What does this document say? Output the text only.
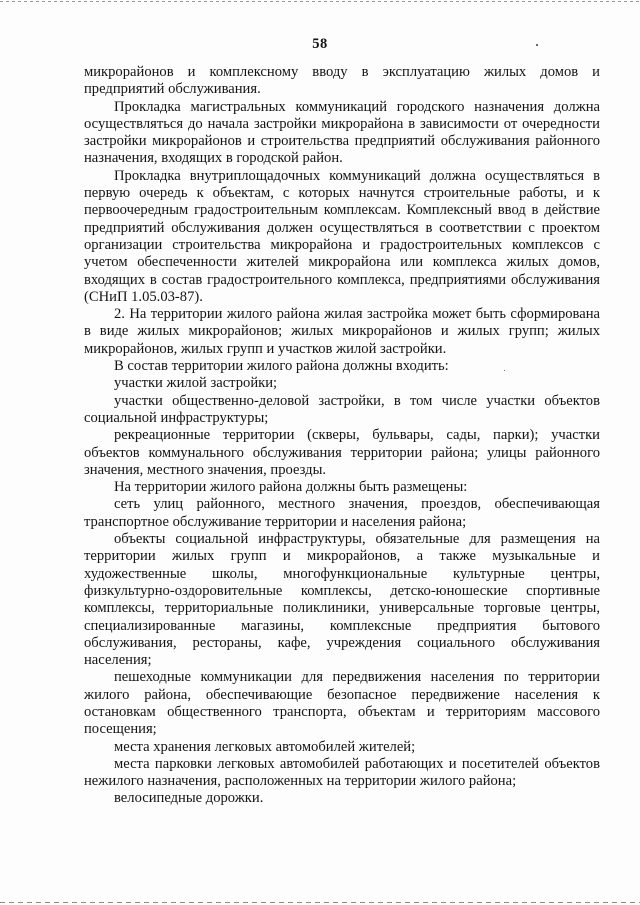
58

микрорайонов и комплексному вводу в эксплуатацию жилых домов и предприятий обслуживания.

Прокладка магистральных коммуникаций городского назначения должна осуществляться до начала застройки микрорайона в зависимости от очередности застройки микрорайонов и строительства предприятий обслуживания районного назначения, входящих в городской район.

Прокладка внутриплощадочных коммуникаций должна осуществляться в первую очередь к объектам, с которых начнутся строительные работы, и к первоочередным градостроительным комплексам. Комплексный ввод в действие предприятий обслуживания должен осуществляться в соответствии с проектом организации строительства микрорайона и градостроительных комплексов с учетом обеспеченности жителей микрорайона или комплекса жилых домов, входящих в состав градостроительного комплекса, предприятиями обслуживания (СНиП 1.05.03-87).

2. На территории жилого района жилая застройка может быть сформирована в виде жилых микрорайонов; жилых микрорайонов и жилых групп; жилых микрорайонов, жилых групп и участков жилой застройки.

В состав территории жилого района должны входить:

участки жилой застройки;

участки общественно-деловой застройки, в том числе участки объектов социальной инфраструктуры;

рекреационные территории (скверы, бульвары, сады, парки); участки объектов коммунального обслуживания территории района; улицы районного значения, местного значения, проезды.

На территории жилого района должны быть размещены:

сеть улиц районного, местного значения, проездов, обеспечивающая транспортное обслуживание территории и населения района;

объекты социальной инфраструктуры, обязательные для размещения на территории жилых групп и микрорайонов, а также музыкальные и художественные школы, многофункциональные культурные центры, физкультурно-оздоровительные комплексы, детско-юношеские спортивные комплексы, территориальные поликлиники, универсальные торговые центры, специализированные магазины, комплексные предприятия бытового обслуживания, рестораны, кафе, учреждения социального обслуживания населения;

пешеходные коммуникации для передвижения населения по территории жилого района, обеспечивающие безопасное передвижение населения к остановкам общественного транспорта, объектам и территориям массового посещения;

места хранения легковых автомобилей жителей;

места парковки легковых автомобилей работающих и посетителей объектов нежилого назначения, расположенных на территории жилого района;

велосипедные дорожки.
